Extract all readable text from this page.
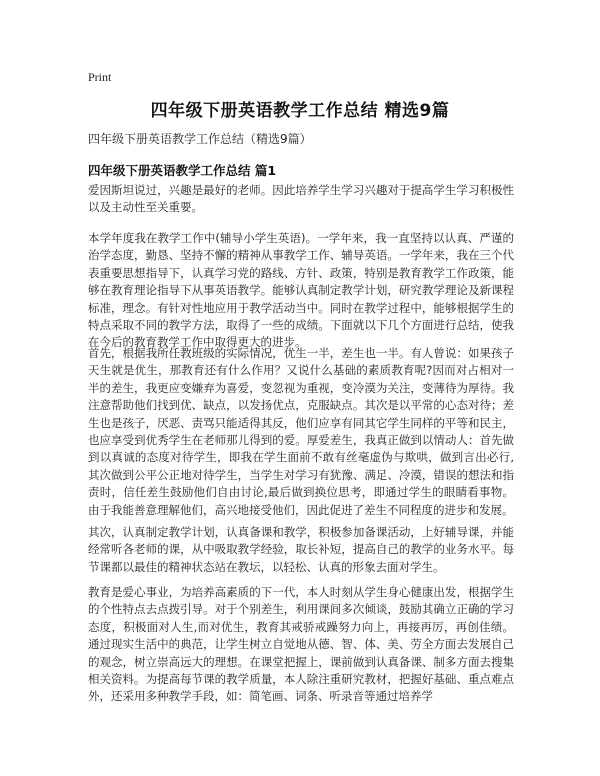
Print
四年级下册英语教学工作总结 精选9篇
四年级下册英语教学工作总结（精选9篇）
四年级下册英语教学工作总结 篇1

爱因斯坦说过，兴趣是最好的老师。因此培养学生学习兴趣对于提高学生学习积极性以及主动性至关重要。

本学年度我在教学工作中(辅导小学生英语)。一学年来，我一直坚持以认真、严谨的治学态度，勤恳、坚持不懈的精神从事教学工作、辅导英语。一学年来，我在三个代表重要思想指导下，认真学习党的路线、方针、政策，特别是教育教学工作政策，能够在教育理论指导下从事英语教学。能够认真制定教学计划，研究教学理论及新课程标准，理念。有针对性地应用于教学活动当中。同时在教学过程中，能够根据学生的特点采取不同的教学方法，取得了一些的成绩。下面就以下几个方面进行总结，使我在今后的教育教学工作中取得更大的进步。

首先，根据我所任教班级的实际情况，优生一半，差生也一半。有人曾说：如果孩子天生就是优生，那教育还有什么作用？又说什么基础的素质教育呢?因而对占相对一半的差生，我更应变嫌弃为喜爱，变忽视为重视，变冷漠为关注，变薄待为厚待。我注意帮助他们找到优、缺点，以发扬优点，克服缺点。其次是以平常的心态对待；差生也是孩子，厌恶、责骂只能适得其反，他们应享有同其它学生同样的平等和民主，也应享受到优秀学生在老师那儿得到的爱。厚爱差生，我真正做到以情动人：首先做到以真诚的态度对待学生，即我在学生面前不敢有丝毫虚伪与欺哄，做到言出必行,其次做到公平公正地对待学生，当学生对学习有犹豫、满足、冷漠，错误的想法和指责时，信任差生鼓励他们自由讨论,最后做到换位思考，即通过学生的眼睛看事物。由于我能善意理解他们，高兴地接受他们，因此促进了差生不同程度的进步和发展。

其次，认真制定教学计划，认真备课和教学，积极参加备课活动，上好辅导课，并能经常听各老师的课，从中吸取教学经验，取长补短，提高自己的教学的业务水平。每节课都以最佳的精神状态站在教坛，以轻松、认真的形象去面对学生。

教育是爱心事业，为培养高素质的下一代，本人时刻从学生身心健康出发，根据学生的个性特点去点拨引导。对于个别差生，利用课间多次倾谈，鼓励其确立正确的学习态度，积极面对人生,而对优生，教育其戒骄戒躁努力向上，再接再厉，再创佳绩。通过现实生活中的典范，让学生树立自觉地从德、智、体、美、劳全方面去发展自己的观念，树立崇高远大的理想。在课堂把握上，课前做到认真备课、制多方面去搜集相关资料。为提高每节课的教学质量，本人除注重研究教材，把握好基础、重点难点外，还采用多种教学手段，如：简笔画、词条、听录音等通过培养学
